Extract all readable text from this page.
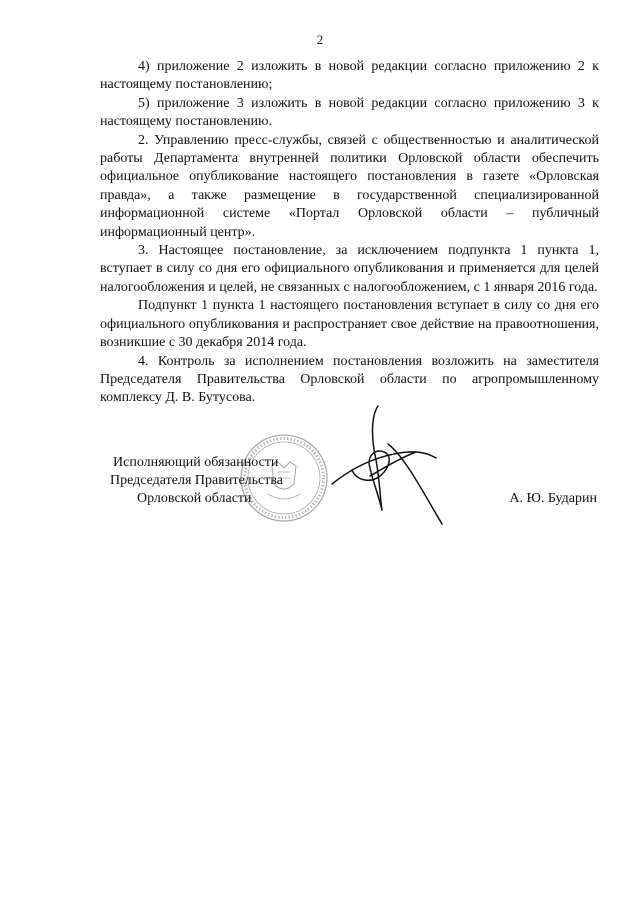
2

4) приложение 2 изложить в новой редакции согласно приложению 2 к настоящему постановлению;

5) приложение 3 изложить в новой редакции согласно приложению 3 к настоящему постановлению.

2. Управлению пресс-службы, связей с общественностью и аналитической работы Департамента внутренней политики Орловской области обеспечить официальное опубликование настоящего постановления в газете «Орловская правда», а также размещение в государственной специализированной информационной системе «Портал Орловской области – публичный информационный центр».

3. Настоящее постановление, за исключением подпункта 1 пункта 1, вступает в силу со дня его официального опубликования и применяется для целей налогообложения и целей, не связанных с налогообложением, с 1 января 2016 года.

Подпункт 1 пункта 1 настоящего постановления вступает в силу со дня его официального опубликования и распространяет свое действие на правоотношения, возникшие с 30 декабря 2014 года.

4. Контроль за исполнением постановления возложить на заместителя Председателя Правительства Орловской области по агропромышленному комплексу Д. В. Бутусова.

Исполняющий обязанности
Председателя Правительства
Орловской области	А. Ю. Бударин
